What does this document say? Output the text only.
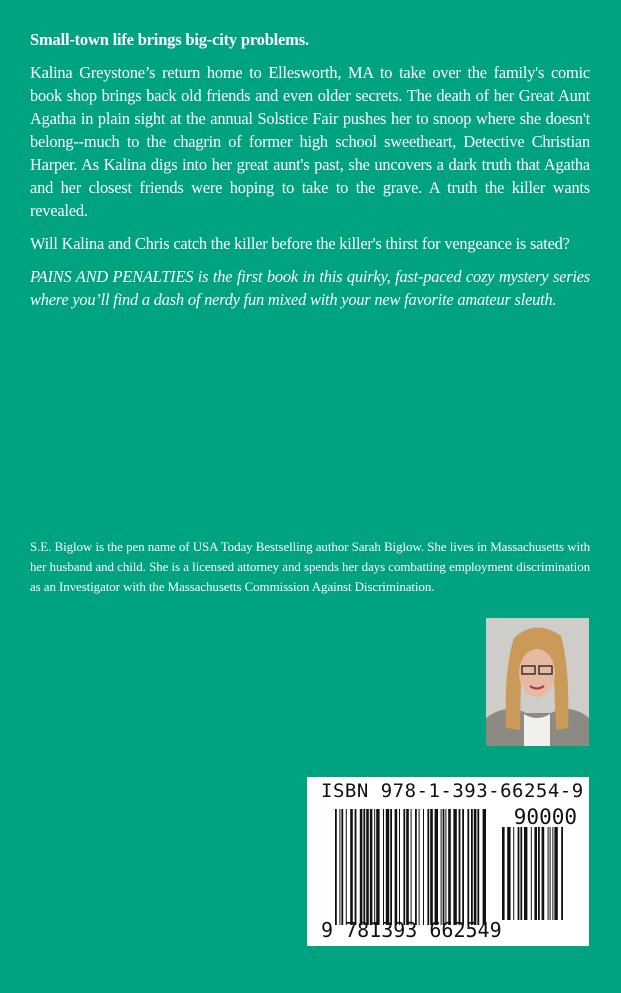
Small-town life brings big-city problems.

Kalina Greystone’s return home to Ellesworth, MA to take over the family's comic book shop brings back old friends and even older secrets. The death of her Great Aunt Agatha in plain sight at the annual Solstice Fair pushes her to snoop where she doesn't belong--much to the chagrin of former high school sweetheart, Detective Christian Harper. As Kalina digs into her great aunt's past, she uncovers a dark truth that Agatha and her closest friends were hoping to take to the grave. A truth the killer wants revealed.

Will Kalina and Chris catch the killer before the killer's thirst for vengeance is sated?

PAINS AND PENALTIES is the first book in this quirky, fast-paced cozy mystery series where you’ll find a dash of nerdy fun mixed with your new favorite amateur sleuth.

S.E. Biglow is the pen name of USA Today Bestselling author Sarah Biglow. She lives in Massachusetts with her husband and child. She is a licensed attorney and spends her days combatting employment discrimination as an Investigator with the Massachusetts Commission Against Discrimination.
ISBN 978-1-393-66254-9
90000
9 781393 662549
